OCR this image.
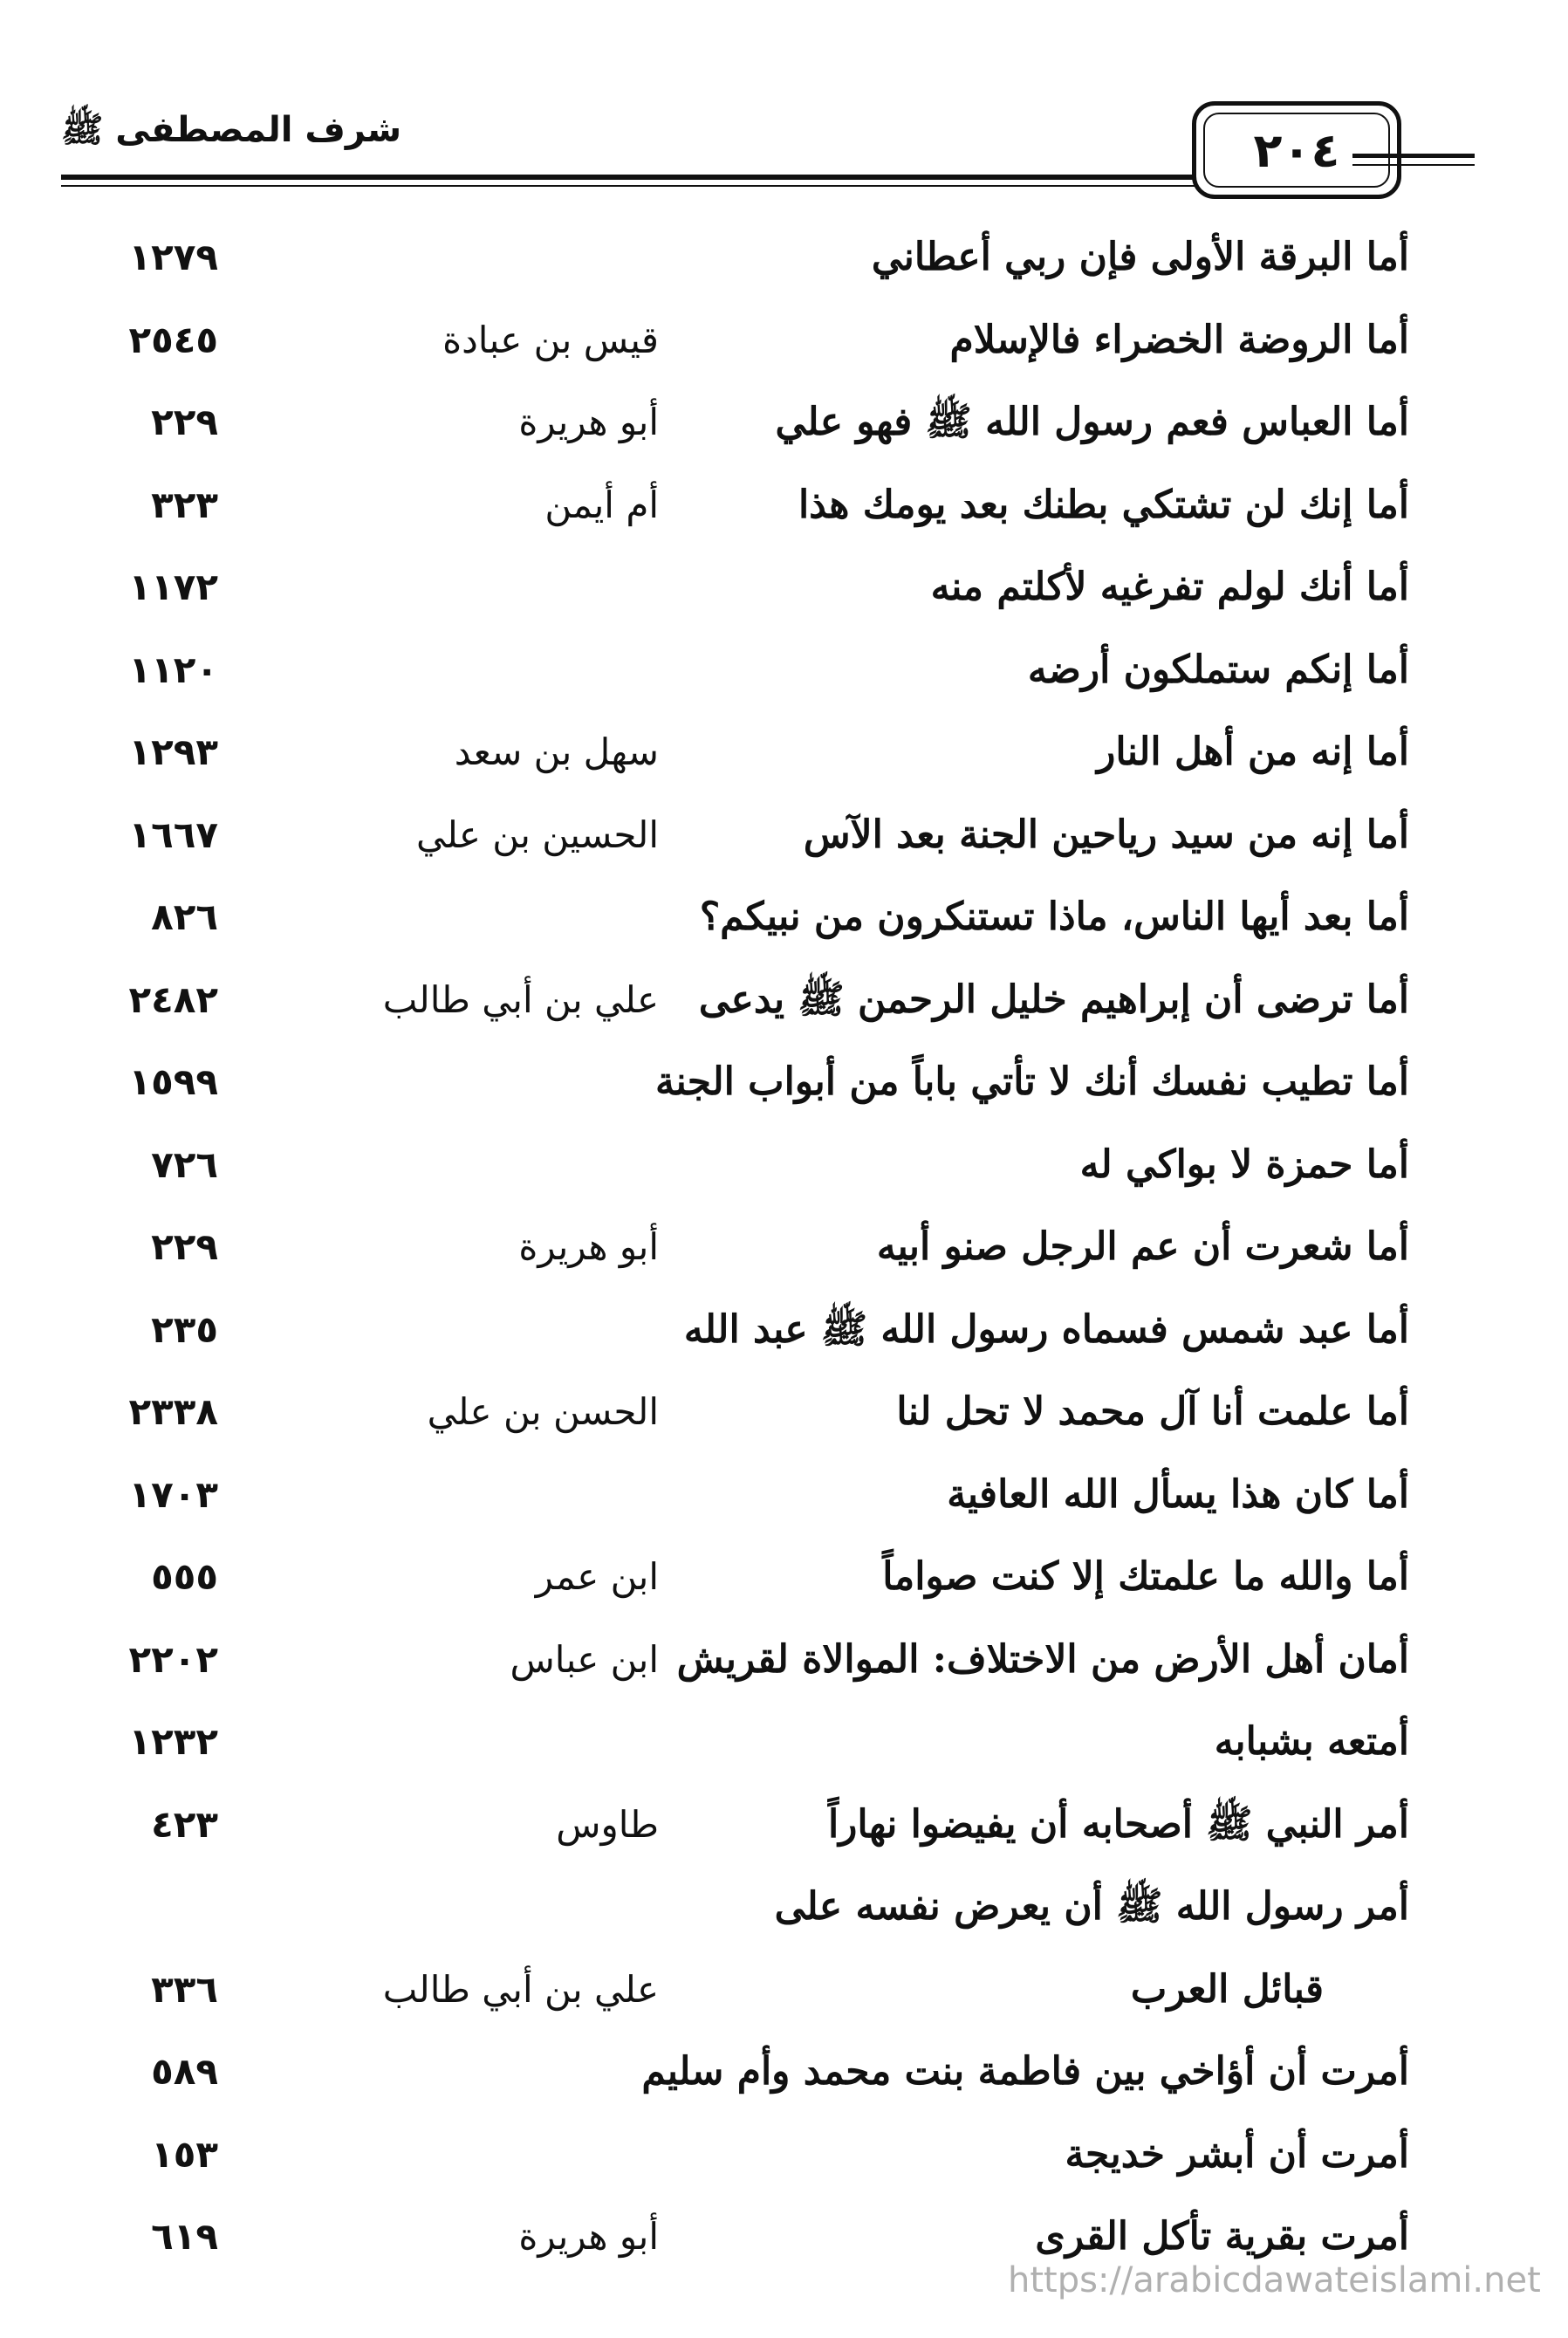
شرف المصطفى ﷺ	٢٠٤
أما البرقة الأولى فإن ربي أعطاني
١٢٧٩
أما الروضة الخضراء فالإسلام
قيس بن عبادة
٢٥٤٥
أما العباس فعم رسول الله ﷺ فهو علي
أبو هريرة
٢٢٩
أما إنك لن تشتكي بطنك بعد يومك هذا
أم أيمن
٣٢٣
أما أنك لولم تفرغيه لأكلتم منه
١١٧٢
أما إنكم ستملكون أرضه
١١٢٠
أما إنه من أهل النار
سهل بن سعد
١٢٩٣
أما إنه من سيد رياحين الجنة بعد الآس
الحسين بن علي
١٦٦٧
أما بعد أيها الناس، ماذا تستنكرون من نبيكم؟
٨٢٦
أما ترضى أن إبراهيم خليل الرحمن ﷺ يدعى
علي بن أبي طالب
٢٤٨٢
أما تطيب نفسك أنك لا تأتي باباً من أبواب الجنة
١٥٩٩
أما حمزة لا بواكي له
٧٢٦
أما شعرت أن عم الرجل صنو أبيه
أبو هريرة
٢٢٩
أما عبد شمس فسماه رسول الله ﷺ عبد الله
٢٣٥
أما علمت أنا آل محمد لا تحل لنا
الحسن بن علي
٢٣٣٨
أما كان هذا يسأل الله العافية
١٧٠٣
أما والله ما علمتك إلا كنت صواماً
ابن عمر
٥٥٥
أمان أهل الأرض من الاختلاف: الموالاة لقريش
ابن عباس
٢٢٠٢
أمتعه بشبابه
١٢٣٢
أمر النبي ﷺ أصحابه أن يفيضوا نهاراً
طاوس
٤٢٣
أمر رسول الله ﷺ أن يعرض نفسه على
قبائل العرب
علي بن أبي طالب
٣٣٦
أمرت أن أؤاخي بين فاطمة بنت محمد وأم سليم
٥٨٩
أمرت أن أبشر خديجة
١٥٣
أمرت بقرية تأكل القرى
أبو هريرة
٦١٩
https://arabicdawateislami.net
